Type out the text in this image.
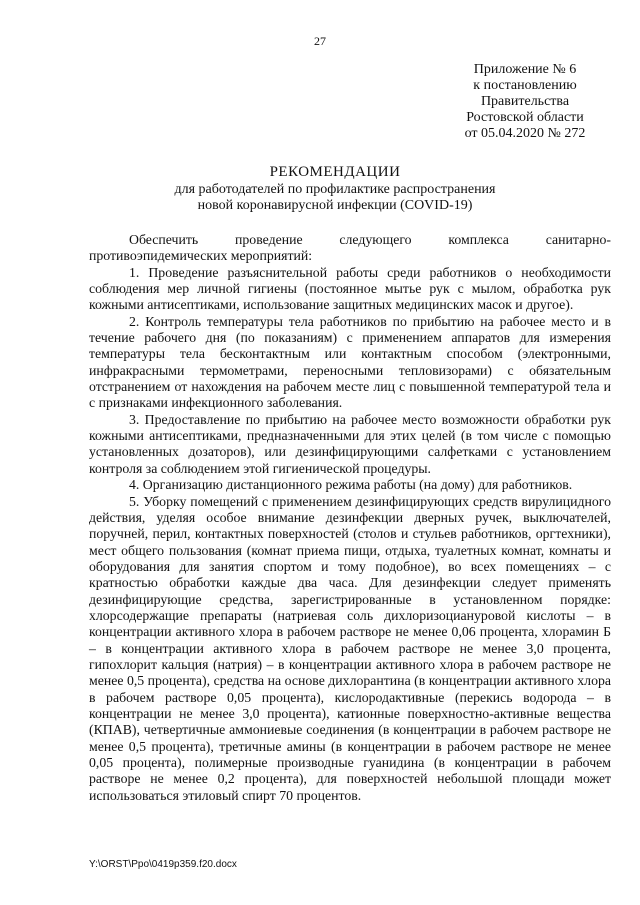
27
Приложение № 6
к постановлению
Правительства
Ростовской области
от 05.04.2020 № 272
РЕКОМЕНДАЦИИ
для работодателей по профилактике распространения
новой коронавирусной инфекции (COVID-19)

Обеспечить проведение следующего комплекса санитарно-противоэпидемических мероприятий:

1. Проведение разъяснительной работы среди работников о необходимости соблюдения мер личной гигиены (постоянное мытье рук с мылом, обработка рук кожными антисептиками, использование защитных медицинских масок и другое).

2. Контроль температуры тела работников по прибытию на рабочее место и в течение рабочего дня (по показаниям) с применением аппаратов для измерения температуры тела бесконтактным или контактным способом (электронными, инфракрасными термометрами, переносными тепловизорами) с обязательным отстранением от нахождения на рабочем месте лиц с повышенной температурой тела и с признаками инфекционного заболевания.

3. Предоставление по прибытию на рабочее место возможности обработки рук кожными антисептиками, предназначенными для этих целей (в том числе с помощью установленных дозаторов), или дезинфицирующими салфетками с установлением контроля за соблюдением этой гигиенической процедуры.

4. Организацию дистанционного режима работы (на дому) для работников.

5. Уборку помещений с применением дезинфицирующих средств вирулицидного действия, уделяя особое внимание дезинфекции дверных ручек, выключателей, поручней, перил, контактных поверхностей (столов и стульев работников, оргтехники), мест общего пользования (комнат приема пищи, отдыха, туалетных комнат, комнаты и оборудования для занятия спортом и тому подобное), во всех помещениях – с кратностью обработки каждые два часа. Для дезинфекции следует применять дезинфицирующие средства, зарегистрированные в установленном порядке: хлорсодержащие препараты (натриевая соль дихлоризоциануровой кислоты – в концентрации активного хлора в рабочем растворе не менее 0,06 процента, хлорамин Б – в концентрации активного хлора в рабочем растворе не менее 3,0 процента, гипохлорит кальция (натрия) – в концентрации активного хлора в рабочем растворе не менее 0,5 процента), средства на основе дихлорантина (в концентрации активного хлора в рабочем растворе 0,05 процента), кислородактивные (перекись водорода – в концентрации не менее 3,0 процента), катионные поверхностно-активные вещества (КПАВ), четвертичные аммониевые соединения (в концентрации в рабочем растворе не менее 0,5 процента), третичные амины (в концентрации в рабочем растворе не менее 0,05 процента), полимерные производные гуанидина (в концентрации в рабочем растворе не менее 0,2 процента), для поверхностей небольшой площади может использоваться этиловый спирт 70 процентов.

Y:\ORST\Ppo\0419p359.f20.docx
